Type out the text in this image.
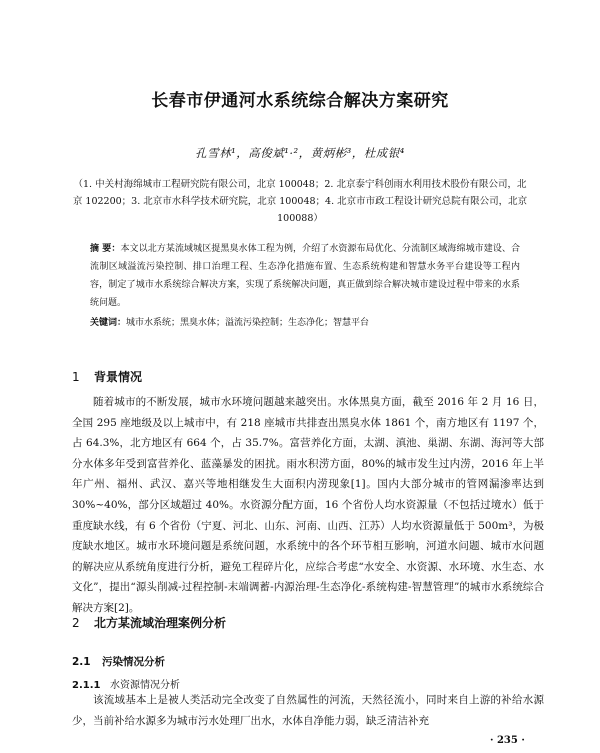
长春市伊通河水系统综合解决方案研究
孔雪林¹，高俊斌¹·²，黄炳彬³，杜成银⁴
（1. 中关村海绵城市工程研究院有限公司，北京 100048；2. 北京泰宁科创雨水利用技术股份有限公司，北京 102200；3. 北京市水科学技术研究院，北京 100048；4. 北京市市政工程设计研究总院有限公司，北京 100088）
摘 要：本文以北方某流域城区提黑臭水体工程为例，介绍了水资源布局优化、分流制区域海绵城市建设、合流制区域溢流污染控制、排口治理工程、生态净化措施布置、生态系统构建和智慧水务平台建设等工程内容，制定了城市水系统综合解决方案，实现了系统解决问题，真正做到综合解决城市建设过程中带来的水系统问题。
关键词：城市水系统；黑臭水体；溢流污染控制；生态净化；智慧平台
1 背景情况

随着城市的不断发展，城市水环境问题越来越突出。水体黑臭方面，截至 2016 年 2 月 16 日，全国 295 座地级及以上城市中，有 218 座城市共排查出黑臭水体 1861 个，南方地区有 1197 个，占 64.3%，北方地区有 664 个，占 35.7%。富营养化方面，太湖、滇池、巢湖、东湖、海河等大部分水体多年受到富营养化、蓝藻暴发的困扰。雨水积涝方面，80%的城市发生过内涝，2016 年上半年广州、福州、武汉、嘉兴等地相继发生大面积内涝现象[1]。国内大部分城市的管网漏渗率达到 30%~40%，部分区域超过 40%。水资源分配方面，16 个省份人均水资源量（不包括过境水）低于重度缺水线，有 6 个省份（宁夏、河北、山东、河南、山西、江苏）人均水资源量低于 500m³，为极度缺水地区。城市水环境问题是系统问题，水系统中的各个环节相互影响，河道水问题、城市水问题的解决应从系统角度进行分析，避免工程碎片化，应综合考虑“水安全、水资源、水环境、水生态、水文化”，提出“源头削减-过程控制-末端调蓄-内源治理-生态净化-系统构建-智慧管理”的城市水系统综合解决方案[2]。

2 北方某流域治理案例分析
2.1 污染情况分析
2.1.1 水资源情况分析

该流域基本上是被人类活动完全改变了自然属性的河流，天然径流小，同时来自上游的补给水源少，当前补给水源多为城市污水处理厂出水，水体自净能力弱，缺乏清洁补充

· 235 ·
